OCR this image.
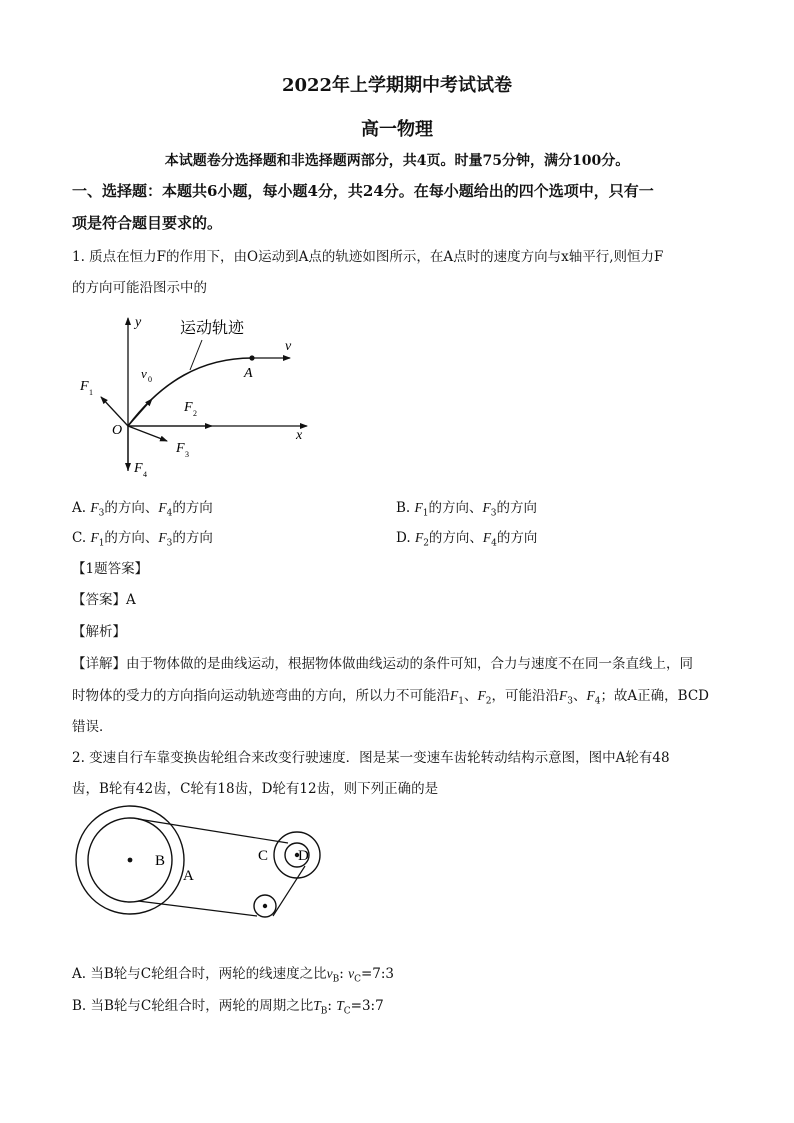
2022年上学期期中考试试卷
高一物理
本试题卷分选择题和非选择题两部分，共4页。时量75分钟，满分100分。
一、选择题：本题共6小题，每小题4分，共24分。在每小题给出的四个选项中，只有一
项是符合题目要求的。
1. 质点在恒力F的作用下，由O运动到A点的轨迹如图所示，在A点时的速度方向与x轴平行,则恒力F
的方向可能沿图示中的
运动轨迹
y
x
O
v
A
v 0
F 1
F 2
F 3
F 4
A. $F_3$的方向、$F_4$的方向	B. $F_1$的方向、$F_3$的方向
C. $F_1$的方向、$F_3$的方向	D. $F_2$的方向、$F_4$的方向
【1题答案】
【答案】A
【解析】
【详解】由于物体做的是曲线运动，根据物体做曲线运动的条件可知，合力与速度不在同一条直线上，同
时物体的受力的方向指向运动轨迹弯曲的方向，所以力不可能沿$F_1$、$F_2$，可能沿沿$F_3$、$F_4$；故A正确，BCD
错误．
2. 变速自行车靠变换齿轮组合来改变行驶速度．图是某一变速车齿轮转动结构示意图，图中A轮有48
齿，B轮有42齿，C轮有18齿，D轮有12齿，则下列正确的是
B
A
C D
A. 当B轮与C轮组合时，两轮的线速度之比$v_B$: $v_C=7:3$
B. 当B轮与C轮组合时，两轮的周期之比$T_B$: $T_C=3:7$
